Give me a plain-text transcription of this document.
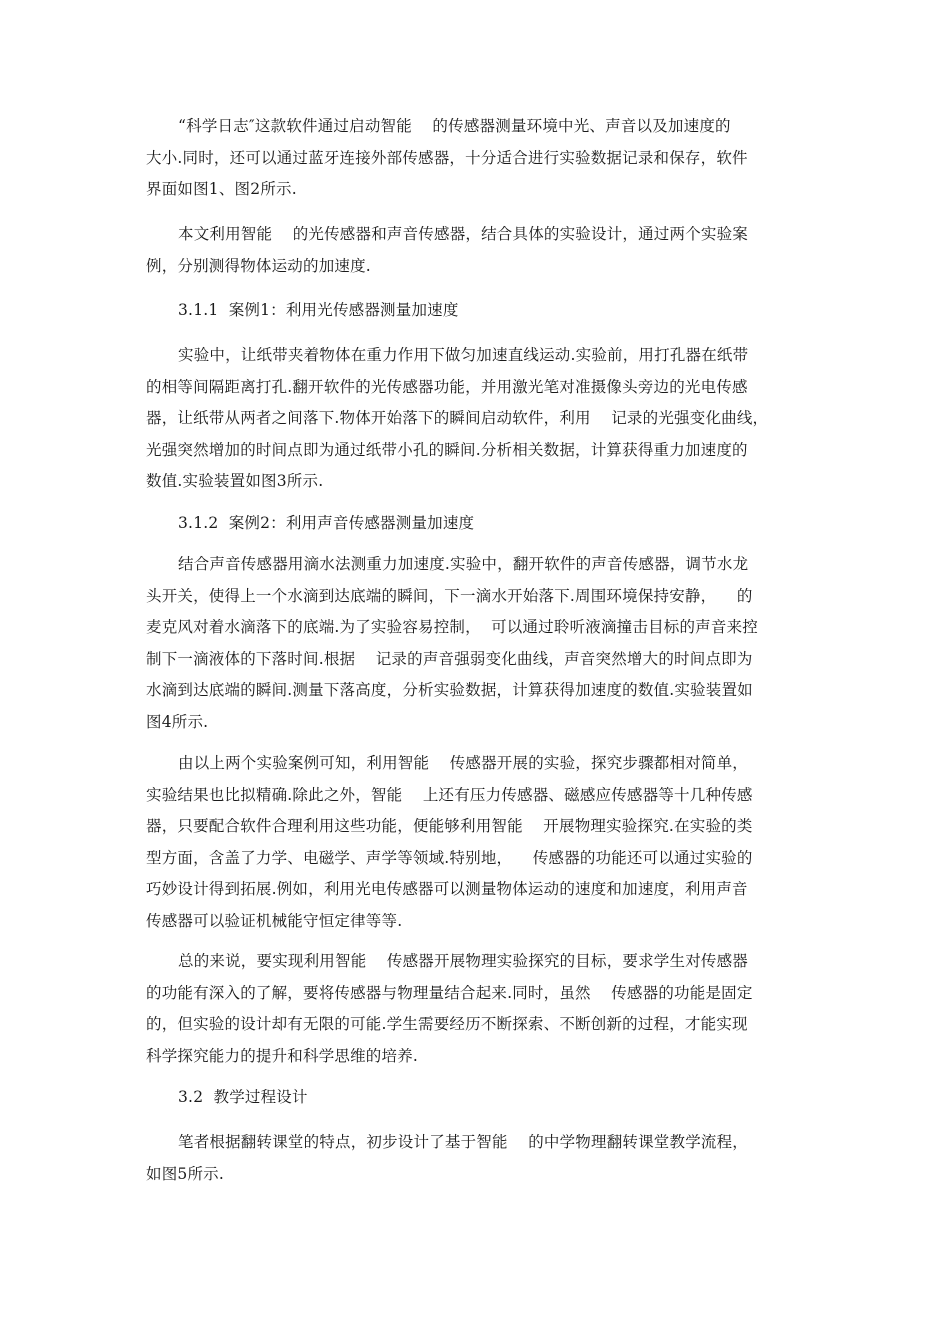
“科学日志″这款软件通过启动智能    的传感器测量环境中光、声音以及加速度的
大小.同时，还可以通过蓝牙连接外部传感器，十分适合进行实验数据记录和保存，软件
界面如图1、图2所示.

本文利用智能    的光传感器和声音传感器，结合具体的实验设计，通过两个实验案
例，分别测得物体运动的加速度.

3.1.1  案例1：利用光传感器测量加速度

实验中，让纸带夹着物体在重力作用下做匀加速直线运动.实验前，用打孔器在纸带
的相等间隔距离打孔.翻开软件的光传感器功能，并用激光笔对准摄像头旁边的光电传感
器，让纸带从两者之间落下.物体开始落下的瞬间启动软件，利用    记录的光强变化曲线，
光强突然增加的时间点即为通过纸带小孔的瞬间.分析相关数据，计算获得重力加速度的
数值.实验装置如图3所示.

3.1.2  案例2：利用声音传感器测量加速度

结合声音传感器用滴水法测重力加速度.实验中，翻开软件的声音传感器，调节水龙
头开关，使得上一个水滴到达底端的瞬间，下一滴水开始落下.周围环境保持安静，    的
麦克风对着水滴落下的底端.为了实验容易控制，  可以通过聆听液滴撞击目标的声音来控
制下一滴液体的下落时间.根据    记录的声音强弱变化曲线，声音突然增大的时间点即为
水滴到达底端的瞬间.测量下落高度，分析实验数据，计算获得加速度的数值.实验装置如
图4所示.

由以上两个实验案例可知，利用智能    传感器开展的实验，探究步骤都相对简单，
实验结果也比拟精确.除此之外，智能    上还有压力传感器、磁感应传感器等十几种传感
器，只要配合软件合理利用这些功能，便能够利用智能    开展物理实验探究.在实验的类
型方面，含盖了力学、电磁学、声学等领域.特别地，    传感器的功能还可以通过实验的
巧妙设计得到拓展.例如，利用光电传感器可以测量物体运动的速度和加速度，利用声音
传感器可以验证机械能守恒定律等等.

总的来说，要实现利用智能    传感器开展物理实验探究的目标，要求学生对传感器
的功能有深入的了解，要将传感器与物理量结合起来.同时，虽然    传感器的功能是固定
的，但实验的设计却有无限的可能.学生需要经历不断探索、不断创新的过程，才能实现
科学探究能力的提升和科学思维的培养.

3.2  教学过程设计

笔者根据翻转课堂的特点，初步设计了基于智能    的中学物理翻转课堂教学流程，
如图5所示.
